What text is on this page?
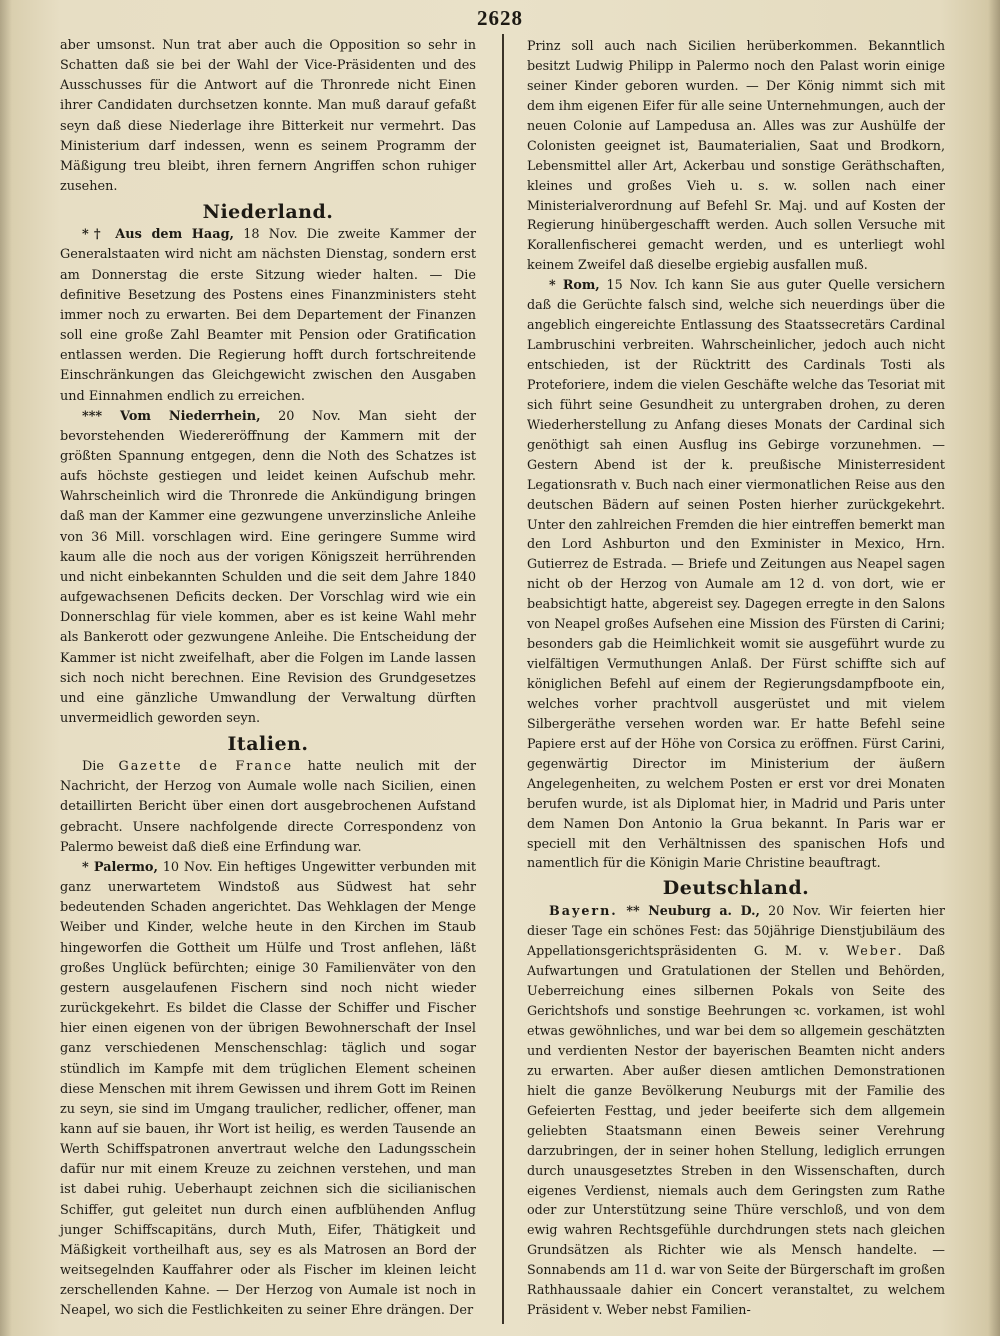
2628

aber umsonst. Nun trat aber auch die Opposition so sehr in Schatten daß sie bei der Wahl der Vice-Präsidenten und des Ausschusses für die Antwort auf die Thronrede nicht Einen ihrer Candidaten durchsetzen konnte. Man muß darauf gefaßt seyn daß diese Niederlage ihre Bitterkeit nur vermehrt. Das Ministerium darf indessen, wenn es seinem Programm der Mäßigung treu bleibt, ihren fernern Angriffen schon ruhiger zusehen.

Niederland.

*† Aus dem Haag, 18 Nov. Die zweite Kammer der Generalstaaten wird nicht am nächsten Dienstag, sondern erst am Donnerstag die erste Sitzung wieder halten. — Die definitive Besetzung des Postens eines Finanzministers steht immer noch zu erwarten. Bei dem Departement der Finanzen soll eine große Zahl Beamter mit Pension oder Gratification entlassen werden. Die Regierung hofft durch fortschreitende Einschränkungen das Gleichgewicht zwischen den Ausgaben und Einnahmen endlich zu erreichen.

*** Vom Niederrhein, 20 Nov. Man sieht der bevorstehenden Wiedereröffnung der Kammern mit der größten Spannung entgegen, denn die Noth des Schatzes ist aufs höchste gestiegen und leidet keinen Aufschub mehr. Wahrscheinlich wird die Thronrede die Ankündigung bringen daß man der Kammer eine gezwungene unverzinsliche Anleihe von 36 Mill. vorschlagen wird. Eine geringere Summe wird kaum alle die noch aus der vorigen Königszeit herrührenden und nicht einbekannten Schulden und die seit dem Jahre 1840 aufgewachsenen Deficits decken. Der Vorschlag wird wie ein Donnerschlag für viele kommen, aber es ist keine Wahl mehr als Bankerott oder gezwungene Anleihe. Die Entscheidung der Kammer ist nicht zweifelhaft, aber die Folgen im Lande lassen sich noch nicht berechnen. Eine Revision des Grundgesetzes und eine gänzliche Umwandlung der Verwaltung dürften unvermeidlich geworden seyn.

Italien.

Die Gazette de France hatte neulich mit der Nachricht, der Herzog von Aumale wolle nach Sicilien, einen detaillirten Bericht über einen dort ausgebrochenen Aufstand gebracht. Unsere nachfolgende directe Correspondenz von Palermo beweist daß dieß eine Erfindung war.

* Palermo, 10 Nov. Ein heftiges Ungewitter verbunden mit ganz unerwartetem Windstoß aus Südwest hat sehr bedeutenden Schaden angerichtet. Das Wehklagen der Menge Weiber und Kinder, welche heute in den Kirchen im Staub hingeworfen die Gottheit um Hülfe und Trost anflehen, läßt großes Unglück befürchten; einige 30 Familienväter von den gestern ausgelaufenen Fischern sind noch nicht wieder zurückgekehrt. Es bildet die Classe der Schiffer und Fischer hier einen eigenen von der übrigen Bewohnerschaft der Insel ganz verschiedenen Menschenschlag: täglich und sogar stündlich im Kampfe mit dem trüglichen Element scheinen diese Menschen mit ihrem Gewissen und ihrem Gott im Reinen zu seyn, sie sind im Umgang traulicher, redlicher, offener, man kann auf sie bauen, ihr Wort ist heilig, es werden Tausende an Werth Schiffspatronen anvertraut welche den Ladungsschein dafür nur mit einem Kreuze zu zeichnen verstehen, und man ist dabei ruhig. Ueberhaupt zeichnen sich die sicilianischen Schiffer, gut geleitet nun durch einen aufblühenden Anflug junger Schiffscapitäns, durch Muth, Eifer, Thätigkeit und Mäßigkeit vortheilhaft aus, sey es als Matrosen an Bord der weitsegelnden Kauffahrer oder als Fischer im kleinen leicht zerschellenden Kahne. — Der Herzog von Aumale ist noch in Neapel, wo sich die Festlichkeiten zu seiner Ehre drängen. Der

Prinz soll auch nach Sicilien herüberkommen. Bekanntlich besitzt Ludwig Philipp in Palermo noch den Palast worin einige seiner Kinder geboren wurden. — Der König nimmt sich mit dem ihm eigenen Eifer für alle seine Unternehmungen, auch der neuen Colonie auf Lampedusa an. Alles was zur Aushülfe der Colonisten geeignet ist, Baumaterialien, Saat und Brodkorn, Lebensmittel aller Art, Ackerbau und sonstige Geräthschaften, kleines und großes Vieh u. s. w. sollen nach einer Ministerialverordnung auf Befehl Sr. Maj. und auf Kosten der Regierung hinübergeschafft werden. Auch sollen Versuche mit Korallenfischerei gemacht werden, und es unterliegt wohl keinem Zweifel daß dieselbe ergiebig ausfallen muß.

* Rom, 15 Nov. Ich kann Sie aus guter Quelle versichern daß die Gerüchte falsch sind, welche sich neuerdings über die angeblich eingereichte Entlassung des Staatssecretärs Cardinal Lambruschini verbreiten. Wahrscheinlicher, jedoch auch nicht entschieden, ist der Rücktritt des Cardinals Tosti als Proteforiere, indem die vielen Geschäfte welche das Tesoriat mit sich führt seine Gesundheit zu untergraben drohen, zu deren Wiederherstellung zu Anfang dieses Monats der Cardinal sich genöthigt sah einen Ausflug ins Gebirge vorzunehmen. — Gestern Abend ist der k. preußische Ministerresident Legationsrath v. Buch nach einer viermonatlichen Reise aus den deutschen Bädern auf seinen Posten hierher zurückgekehrt. Unter den zahlreichen Fremden die hier eintreffen bemerkt man den Lord Ashburton und den Exminister in Mexico, Hrn. Gutierrez de Estrada. — Briefe und Zeitungen aus Neapel sagen nicht ob der Herzog von Aumale am 12 d. von dort, wie er beabsichtigt hatte, abgereist sey. Dagegen erregte in den Salons von Neapel großes Aufsehen eine Mission des Fürsten di Carini; besonders gab die Heimlichkeit womit sie ausgeführt wurde zu vielfältigen Vermuthungen Anlaß. Der Fürst schiffte sich auf königlichen Befehl auf einem der Regierungsdampfboote ein, welches vorher prachtvoll ausgerüstet und mit vielem Silbergeräthe versehen worden war. Er hatte Befehl seine Papiere erst auf der Höhe von Corsica zu eröffnen. Fürst Carini, gegenwärtig Director im Ministerium der äußern Angelegenheiten, zu welchem Posten er erst vor drei Monaten berufen wurde, ist als Diplomat hier, in Madrid und Paris unter dem Namen Don Antonio la Grua bekannt. In Paris war er speciell mit den Verhältnissen des spanischen Hofs und namentlich für die Königin Marie Christine beauftragt.

Deutschland.

Bayern. ** Neuburg a. D., 20 Nov. Wir feierten hier dieser Tage ein schönes Fest: das 50jährige Dienstjubiläum des Appellationsgerichtspräsidenten G. M. v. Weber. Daß Aufwartungen und Gratulationen der Stellen und Behörden, Ueberreichung eines silbernen Pokals von Seite des Gerichtshofs und sonstige Beehrungen ꝛc. vorkamen, ist wohl etwas gewöhnliches, und war bei dem so allgemein geschätzten und verdienten Nestor der bayerischen Beamten nicht anders zu erwarten. Aber außer diesen amtlichen Demonstrationen hielt die ganze Bevölkerung Neuburgs mit der Familie des Gefeierten Festtag, und jeder beeiferte sich dem allgemein geliebten Staatsmann einen Beweis seiner Verehrung darzubringen, der in seiner hohen Stellung, lediglich errungen durch unausgesetztes Streben in den Wissenschaften, durch eigenes Verdienst, niemals auch dem Geringsten zum Rathe oder zur Unterstützung seine Thüre verschloß, und von dem ewig wahren Rechtsgefühle durchdrungen stets nach gleichen Grundsätzen als Richter wie als Mensch handelte. — Sonnabends am 11 d. war von Seite der Bürgerschaft im großen Rathhaussaale dahier ein Concert veranstaltet, zu welchem Präsident v. Weber nebst Familien-
